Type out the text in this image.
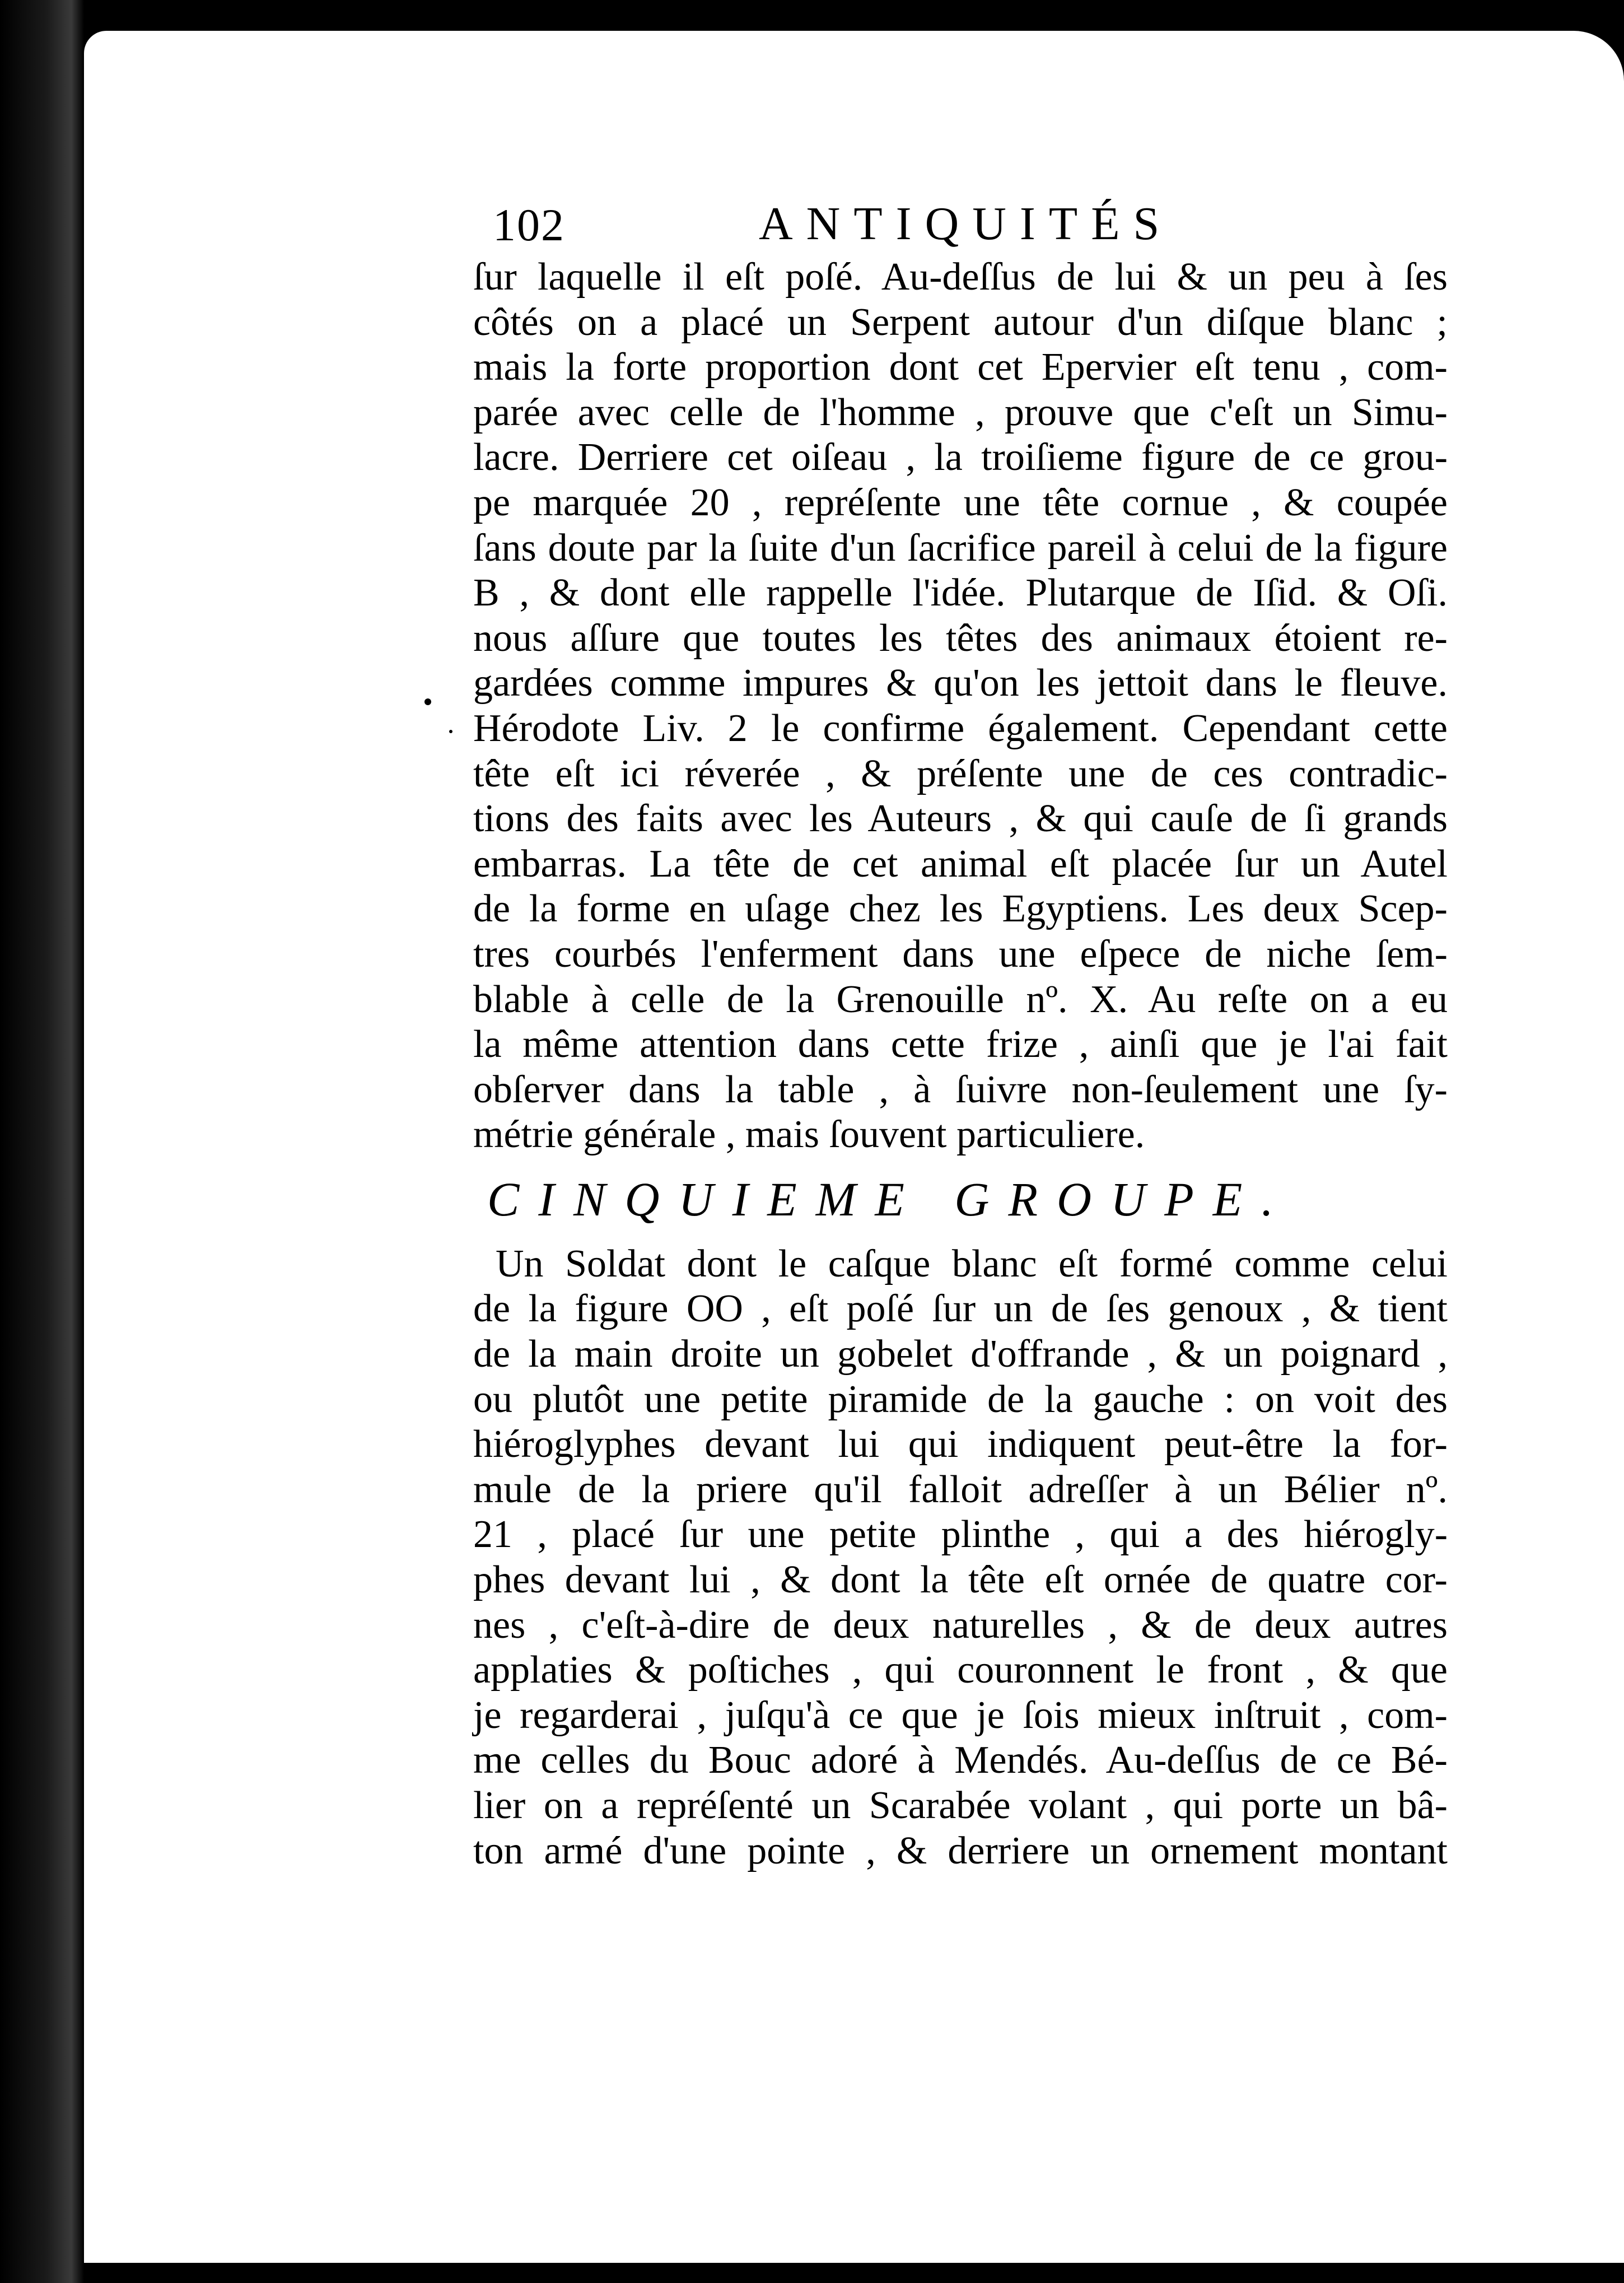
102	ANTIQUITÉS
ſur laquelle il eſt poſé. Au-deſſus de lui & un peu à ſes
côtés on a placé un Serpent autour d'un diſque blanc ;
mais la forte proportion dont cet Epervier eſt tenu , com-
parée avec celle de l'homme , prouve que c'eſt un Simu-
lacre. Derriere cet oiſeau , la troiſieme figure de ce grou-
pe marquée 20 , repréſente une tête cornue , & coupée
ſans doute par la ſuite d'un ſacrifice pareil à celui de la figure
B , & dont elle rappelle l'idée. Plutarque de Iſid. & Oſi.
nous aſſure que toutes les têtes des animaux étoient re-
gardées comme impures & qu'on les jettoit dans le fleuve.
Hérodote Liv. 2 le confirme également. Cependant cette
tête eſt ici réverée , & préſente une de ces contradic-
tions des faits avec les Auteurs , & qui cauſe de ſi grands
embarras. La tête de cet animal eſt placée ſur un Autel
de la forme en uſage chez les Egyptiens. Les deux Scep-
tres courbés l'enferment dans une eſpece de niche ſem-
blable à celle de la Grenouille nº. X. Au reſte on a eu
la même attention dans cette frize , ainſi que je l'ai fait
obſerver dans la table , à ſuivre non-ſeulement une ſy-
métrie générale , mais ſouvent particuliere.
CINQUIEME GROUPE.
Un Soldat dont le caſque blanc eſt formé comme celui
de la figure OO , eſt poſé ſur un de ſes genoux , & tient
de la main droite un gobelet d'offrande , & un poignard ,
ou plutôt une petite piramide de la gauche : on voit des
hiéroglyphes devant lui qui indiquent peut-être la for-
mule de la priere qu'il falloit adreſſer à un Bélier nº.
21 , placé ſur une petite plinthe , qui a des hiérogly-
phes devant lui , & dont la tête eſt ornée de quatre cor-
nes , c'eſt-à-dire de deux naturelles , & de deux autres
applaties & poſtiches , qui couronnent le front , & que
je regarderai , juſqu'à ce que je ſois mieux inſtruit , com-
me celles du Bouc adoré à Mendés. Au-deſſus de ce Bé-
lier on a repréſenté un Scarabée volant , qui porte un bâ-
ton armé d'une pointe , & derriere un ornement montant
